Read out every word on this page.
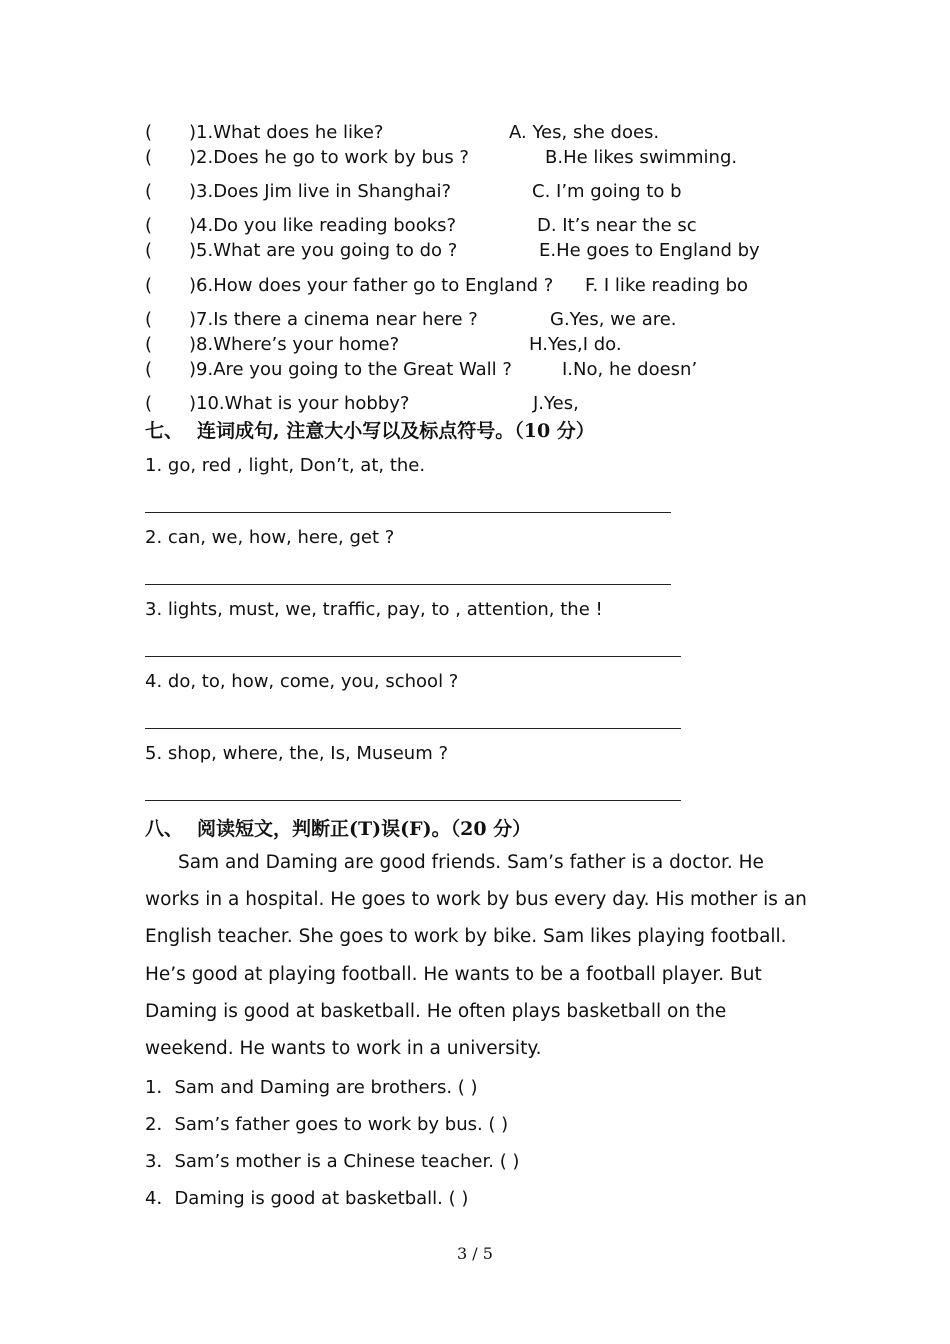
( )1.What does he like?	A. Yes, she does.
( )2.Does he go to work by bus ?	B.He likes swimming.
( )3.Does Jim live in Shanghai?	C. I’m going to b
( )4.Do you like reading books?	D. It’s near the sc
( )5.What are you going to do ?	E.He goes to England by
( )6.How does your father go to England ? F. I like reading bo
( )7.Is there a cinema near here ?	G.Yes, we are.
( )8.Where’s your home?	H.Yes,I do.
( )9.Are you going to the Great Wall ?	I.No, he doesn’
( )10.What is your hobby?	J.Yes,
七、 连词成句, 注意大小写以及标点符号。（10 分）
1. go, red , light, Don’t, at, the.
2. can, we, how, here, get ?
3. lights, must, we, traffic, pay, to , attention, the !
4. do, to, how, come, you, school ?
5. shop, where, the, Is, Museum ?
八、 阅读短文，判断正(T)误(F)。（20 分）
Sam and Daming are good friends. Sam’s father is a doctor. He works in a hospital. He goes to work by bus every day. His mother is an English teacher. She goes to work by bike. Sam likes playing football. He’s good at playing football. He wants to be a football player. But Daming is good at basketball. He often plays basketball on the weekend. He wants to work in a university.
1．Sam and Daming are brothers. ( )
2．Sam’s father goes to work by bus. ( )
3．Sam’s mother is a Chinese teacher. ( )
4．Daming is good at basketball. ( )
3 / 5
